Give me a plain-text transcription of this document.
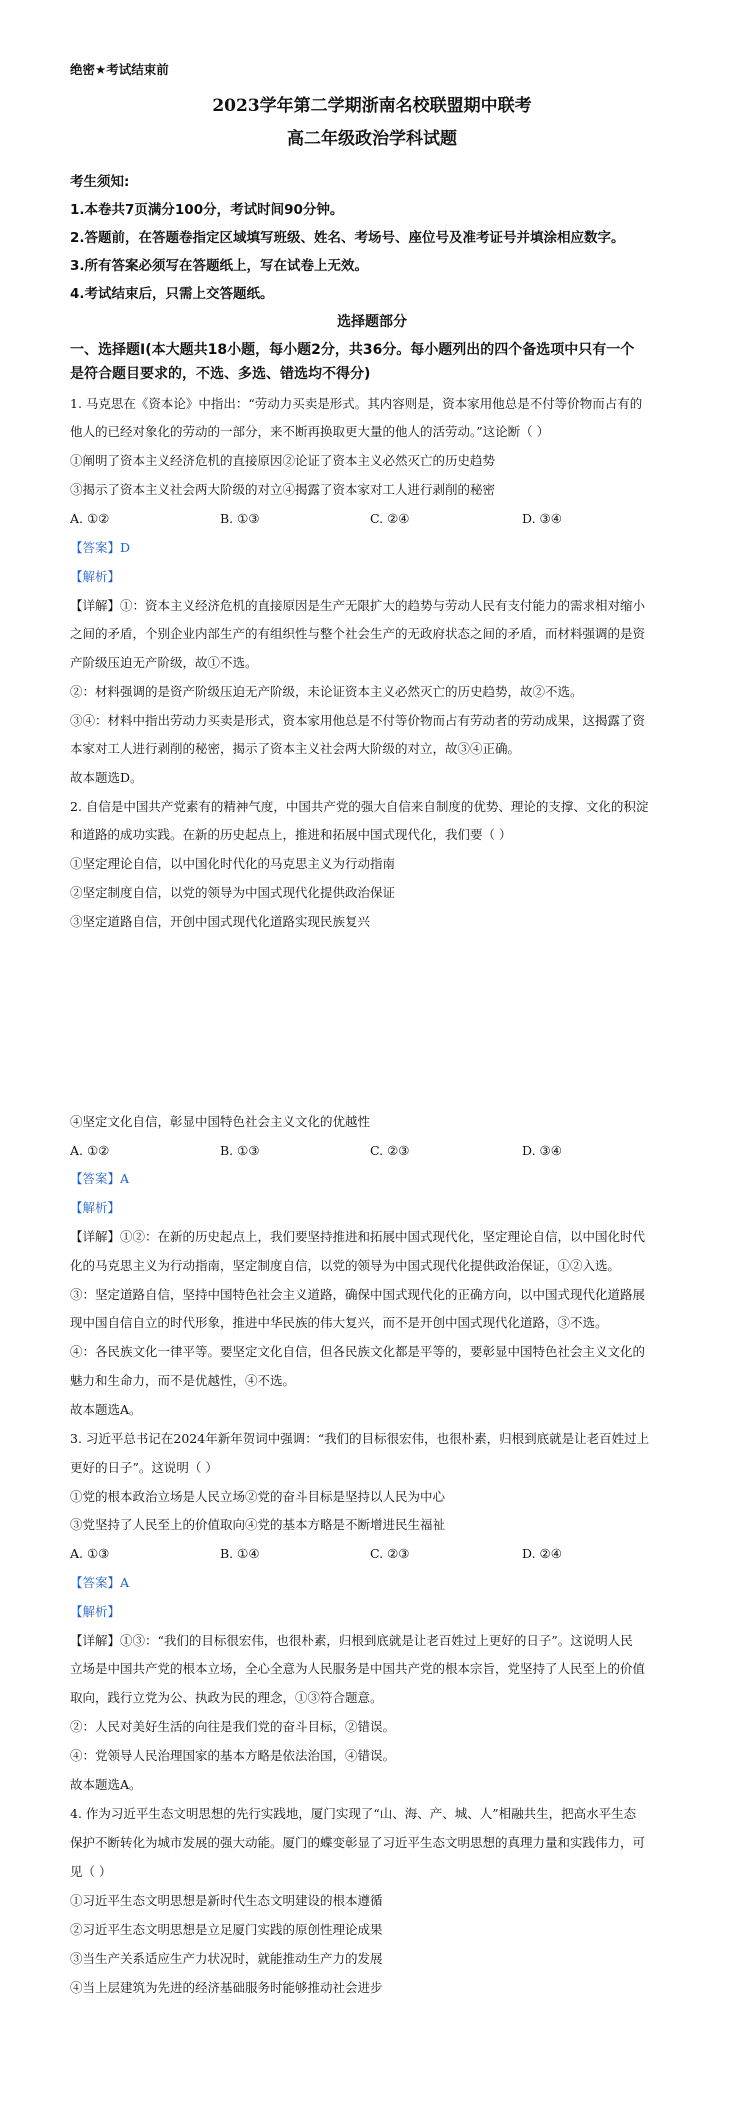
绝密★考试结束前
2023学年第二学期浙南名校联盟期中联考
高二年级政治学科试题
考生须知:
1.本卷共7页满分100分，考试时间90分钟。
2.答题前，在答题卷指定区域填写班级、姓名、考场号、座位号及准考证号并填涂相应数字。
3.所有答案必须写在答题纸上，写在试卷上无效。
4.考试结束后，只需上交答题纸。
选择题部分
一、选择题Ⅰ(本大题共18小题，每小题2分，共36分。每小题列出的四个备选项中只有一个
是符合题目要求的，不选、多选、错选均不得分)
1. 马克思在《资本论》中指出：“劳动力买卖是形式。其内容则是，资本家用他总是不付等价物而占有的
他人的已经对象化的劳动的一部分，来不断再换取更大量的他人的活劳动。”这论断（ ）
①阐明了资本主义经济危机的直接原因②论证了资本主义必然灭亡的历史趋势
③揭示了资本主义社会两大阶级的对立④揭露了资本家对工人进行剥削的秘密
A. ①②	B. ①③	C. ②④	D. ③④
【答案】D
【解析】
【详解】①：资本主义经济危机的直接原因是生产无限扩大的趋势与劳动人民有支付能力的需求相对缩小
之间的矛盾，个别企业内部生产的有组织性与整个社会生产的无政府状态之间的矛盾，而材料强调的是资
产阶级压迫无产阶级，故①不选。
②：材料强调的是资产阶级压迫无产阶级，未论证资本主义必然灭亡的历史趋势，故②不选。
③④：材料中指出劳动力买卖是形式，资本家用他总是不付等价物而占有劳动者的劳动成果，这揭露了资
本家对工人进行剥削的秘密，揭示了资本主义社会两大阶级的对立，故③④正确。
故本题选D。
2. 自信是中国共产党素有的精神气度，中国共产党的强大自信来自制度的优势、理论的支撑、文化的积淀
和道路的成功实践。在新的历史起点上，推进和拓展中国式现代化，我们要（ ）
①坚定理论自信，以中国化时代化的马克思主义为行动指南
②坚定制度自信，以党的领导为中国式现代化提供政治保证
③坚定道路自信，开创中国式现代化道路实现民族复兴
④坚定文化自信，彰显中国特色社会主义文化的优越性
A. ①②	B. ①③	C. ②③	D. ③④
【答案】A
【解析】
【详解】①②：在新的历史起点上，我们要坚持推进和拓展中国式现代化，坚定理论自信，以中国化时代
化的马克思主义为行动指南，坚定制度自信，以党的领导为中国式现代化提供政治保证，①②入选。
③：坚定道路自信，坚持中国特色社会主义道路，确保中国式现代化的正确方向，以中国式现代化道路展
现中国自信自立的时代形象，推进中华民族的伟大复兴，而不是开创中国式现代化道路，③不选。
④：各民族文化一律平等。要坚定文化自信，但各民族文化都是平等的，要彰显中国特色社会主义文化的
魅力和生命力，而不是优越性，④不选。
故本题选A。
3. 习近平总书记在2024年新年贺词中强调：“我们的目标很宏伟，也很朴素，归根到底就是让老百姓过上
更好的日子”。这说明（ ）
①党的根本政治立场是人民立场②党的奋斗目标是坚持以人民为中心
③党坚持了人民至上的价值取向④党的基本方略是不断增进民生福祉
A. ①③	B. ①④	C. ②③	D. ②④
【答案】A
【解析】
【详解】①③：“我们的目标很宏伟，也很朴素，归根到底就是让老百姓过上更好的日子”。这说明人民
立场是中国共产党的根本立场，全心全意为人民服务是中国共产党的根本宗旨，党坚持了人民至上的价值
取向，践行立党为公、执政为民的理念，①③符合题意。
②：人民对美好生活的向往是我们党的奋斗目标，②错误。
④：党领导人民治理国家的基本方略是依法治国，④错误。
故本题选A。
4. 作为习近平生态文明思想的先行实践地，厦门实现了“山、海、产、城、人”相融共生，把高水平生态
保护不断转化为城市发展的强大动能。厦门的蝶变彰显了习近平生态文明思想的真理力量和实践伟力，可
见（ ）
①习近平生态文明思想是新时代生态文明建设的根本遵循
②习近平生态文明思想是立足厦门实践的原创性理论成果
③当生产关系适应生产力状况时，就能推动生产力的发展
④当上层建筑为先进的经济基础服务时能够推动社会进步
